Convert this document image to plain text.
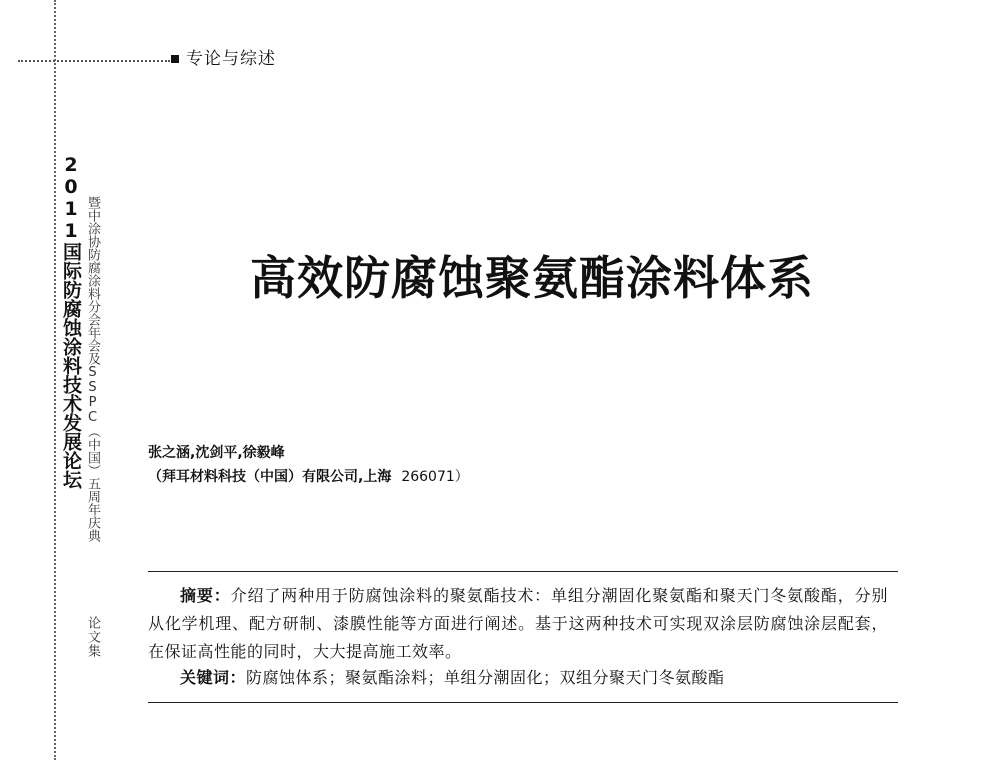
专论与综述
2011国际防腐蚀涂料技术发展论坛 暨中涂协防腐涂料分会年会及SSPC（中国）五周年庆典
论文集
高效防腐蚀聚氨酯涂料体系
张之涵,沈剑平,徐毅峰
（拜耳材料科技（中国）有限公司,上海 266071）
摘要：介绍了两种用于防腐蚀涂料的聚氨酯技术：单组分潮固化聚氨酯和聚天门冬氨酸酯，分别从化学机理、配方研制、漆膜性能等方面进行阐述。基于这两种技术可实现双涂层防腐蚀涂层配套，在保证高性能的同时，大大提高施工效率。
关键词：防腐蚀体系；聚氨酯涂料；单组分潮固化；双组分聚天门冬氨酸酯
